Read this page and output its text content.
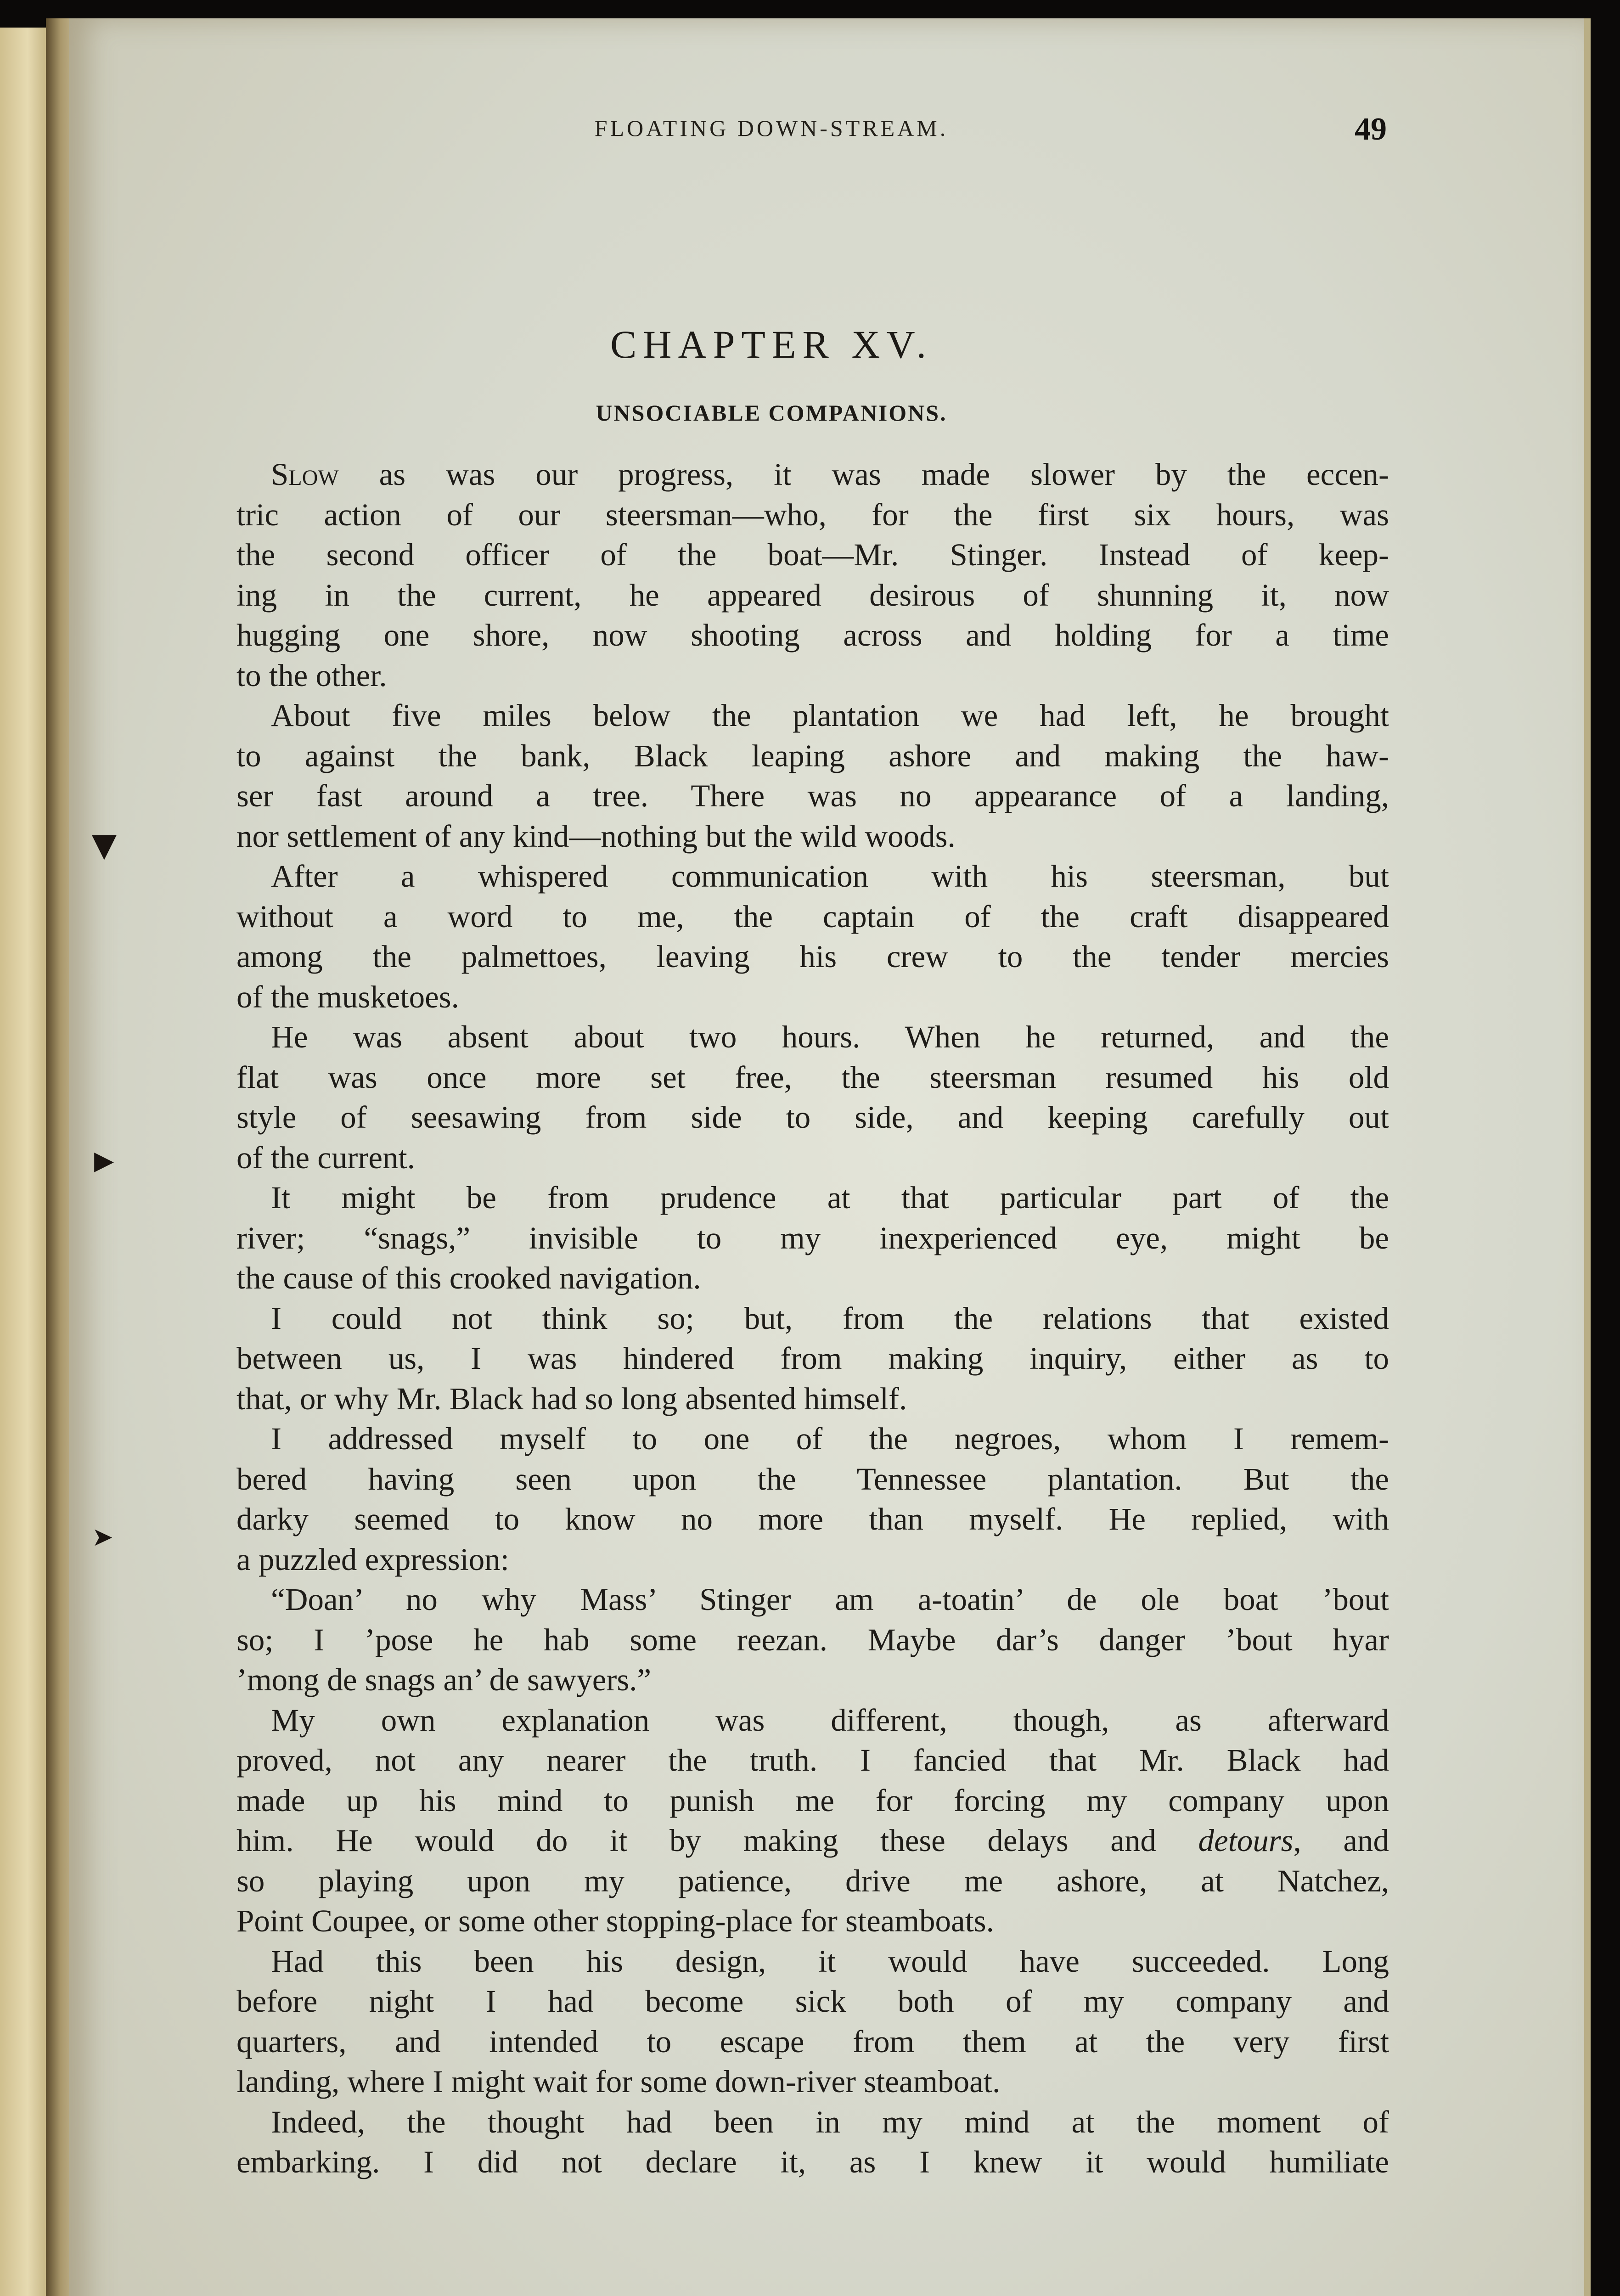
▼
▶
➤
FLOATING DOWN-STREAM.	49
CHAPTER XV.
UNSOCIABLE COMPANIONS.
Slow as was our progress, it was made slower by the eccen-
tric action of our steersman—who, for the first six hours, was
the second officer of the boat—Mr. Stinger. Instead of keep-
ing in the current, he appeared desirous of shunning it, now
hugging one shore, now shooting across and holding for a time
to the other.
About five miles below the plantation we had left, he brought
to against the bank, Black leaping ashore and making the haw-
ser fast around a tree. There was no appearance of a landing,
nor settlement of any kind—nothing but the wild woods.
After a whispered communication with his steersman, but
without a word to me, the captain of the craft disappeared
among the palmettoes, leaving his crew to the tender mercies
of the musketoes.
He was absent about two hours. When he returned, and the
flat was once more set free, the steersman resumed his old
style of seesawing from side to side, and keeping carefully out
of the current.
It might be from prudence at that particular part of the
river; “snags,” invisible to my inexperienced eye, might be
the cause of this crooked navigation.
I could not think so; but, from the relations that existed
between us, I was hindered from making inquiry, either as to
that, or why Mr. Black had so long absented himself.
I addressed myself to one of the negroes, whom I remem-
bered having seen upon the Tennessee plantation. But the
darky seemed to know no more than myself. He replied, with
a puzzled expression:
“Doan’ no why Mass’ Stinger am a-toatin’ de ole boat ’bout
so; I ’pose he hab some reezan. Maybe dar’s danger ’bout hyar
’mong de snags an’ de sawyers.”
My own explanation was different, though, as afterward
proved, not any nearer the truth. I fancied that Mr. Black had
made up his mind to punish me for forcing my company upon
him. He would do it by making these delays and detours, and
so playing upon my patience, drive me ashore, at Natchez,
Point Coupee, or some other stopping-place for steamboats.
Had this been his design, it would have succeeded. Long
before night I had become sick both of my company and
quarters, and intended to escape from them at the very first
landing, where I might wait for some down-river steamboat.
Indeed, the thought had been in my mind at the moment of
embarking. I did not declare it, as I knew it would humiliate
